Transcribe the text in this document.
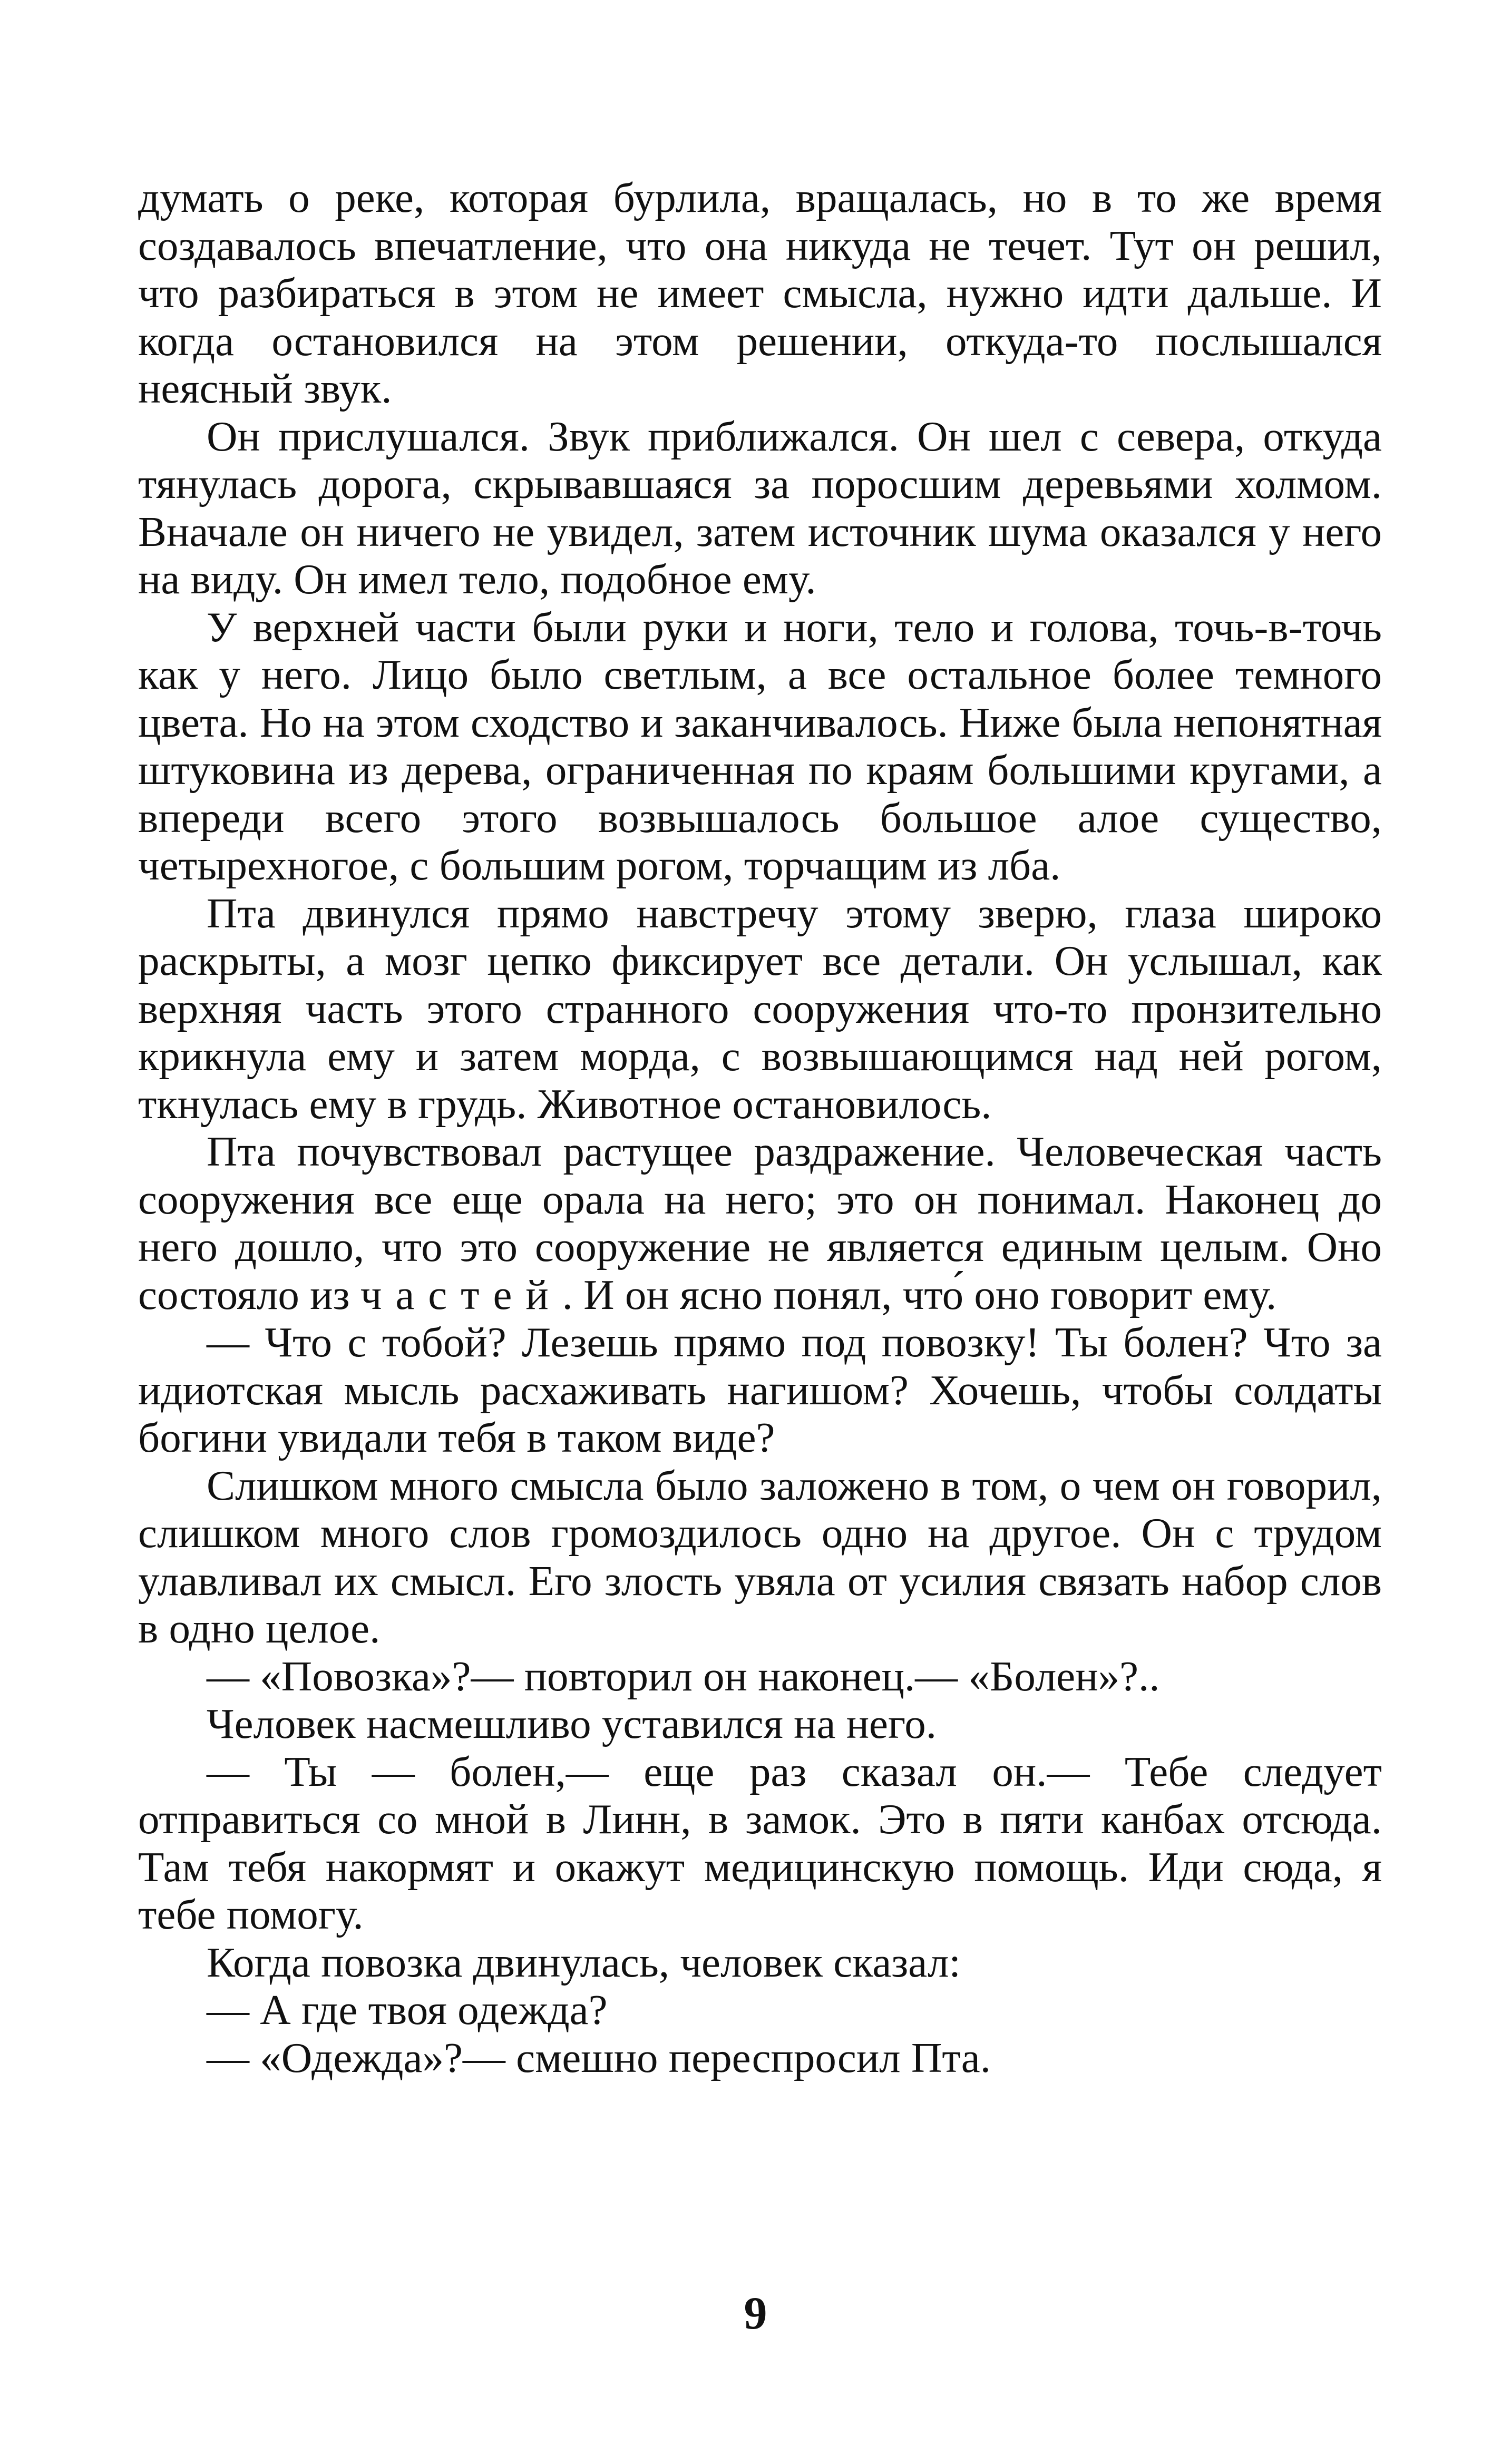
думать о реке, которая бурлила, вращалась, но в то же время создавалось впечатление, что она никуда не течет. Тут он решил, что разбираться в этом не имеет смысла, нужно идти дальше. И когда остановился на этом решении, откуда-то послышался неясный звук.

Он прислушался. Звук приближался. Он шел с севера, откуда тянулась дорога, скрывавшаяся за поросшим деревьями холмом. Вначале он ничего не увидел, затем источник шума оказался у него на виду. Он имел тело, подобное ему.

У верхней части были руки и ноги, тело и голова, точь-в-точь как у него. Лицо было светлым, а все остальное более темного цвета. Но на этом сходство и заканчивалось. Ниже была непонятная штуковина из дерева, ограниченная по краям большими кругами, а впереди всего этого возвышалось большое алое существо, четырехногое, с большим рогом, торчащим из лба.

Пта двинулся прямо навстречу этому зверю, глаза широко раскрыты, а мозг цепко фиксирует все детали. Он услышал, как верхняя часть этого странного сооружения что-то пронзительно крикнула ему и затем морда, с возвышающимся над ней рогом, ткнулась ему в грудь. Животное остановилось.

Пта почувствовал растущее раздражение. Человеческая часть сооружения все еще орала на него; это он понимал. Наконец до него дошло, что это сооружение не является единым целым. Оно состояло из частей. И он ясно понял, что́ оно говорит ему.

— Что с тобой? Лезешь прямо под повозку! Ты болен? Что за идиотская мысль расхаживать нагишом? Хочешь, чтобы солдаты богини увидали тебя в таком виде?

Слишком много смысла было заложено в том, о чем он говорил, слишком много слов громоздилось одно на другое. Он с трудом улавливал их смысл. Его злость увяла от усилия связать набор слов в одно целое.

— «Повозка»?— повторил он наконец.— «Болен»?..

Человек насмешливо уставился на него.

— Ты — болен,— еще раз сказал он.— Тебе следует отправиться со мной в Линн, в замок. Это в пяти канбах отсюда. Там тебя накормят и окажут медицинскую помощь. Иди сюда, я тебе помогу.

Когда повозка двинулась, человек сказал:

— А где твоя одежда?

— «Одежда»?— смешно переспросил Пта.

9
